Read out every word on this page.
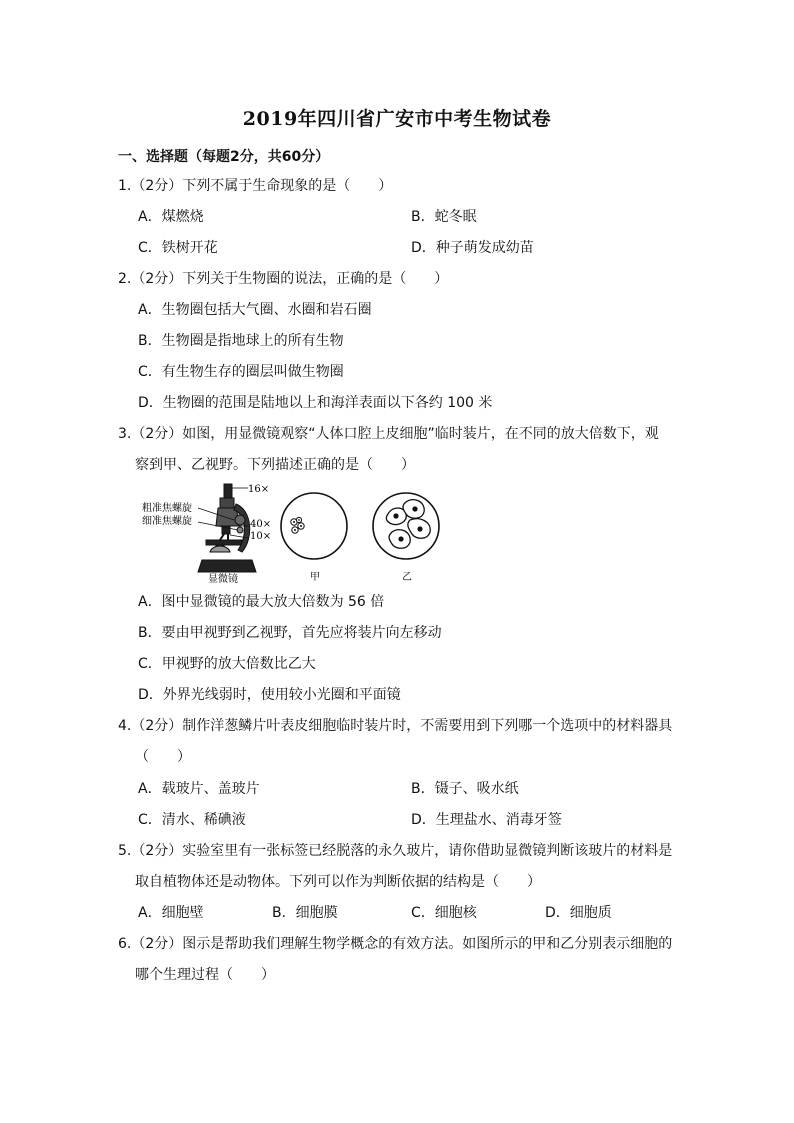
2019年四川省广安市中考生物试卷
一、选择题（每题2分，共60分）
1.（2分）下列不属于生命现象的是（　　）
A．煤燃烧	B．蛇冬眠
C．铁树开花	D．种子萌发成幼苗
2.（2分）下列关于生物圈的说法，正确的是（　　）
A．生物圈包括大气圈、水圈和岩石圈
B．生物圈是指地球上的所有生物
C．有生物生存的圈层叫做生物圈
D．生物圈的范围是陆地以上和海洋表面以下各约 100 米
3.（2分）如图，用显微镜观察“人体口腔上皮细胞”临时装片，在不同的放大倍数下，观
察到甲、乙视野。下列描述正确的是（　　）
16×
粗准焦螺旋
细准焦螺旋	40×
10×
显微镜	甲	乙
A．图中显微镜的最大放大倍数为 56 倍
B．要由甲视野到乙视野，首先应将装片向左移动
C．甲视野的放大倍数比乙大
D．外界光线弱时，使用较小光圈和平面镜
4.（2分）制作洋葱鳞片叶表皮细胞临时装片时，不需要用到下列哪一个选项中的材料器具
（　　）
A．载玻片、盖玻片	B．镊子、吸水纸
C．清水、稀碘液	D．生理盐水、消毒牙签
5.（2分）实验室里有一张标签已经脱落的永久玻片，请你借助显微镜判断该玻片的材料是
取自植物体还是动物体。下列可以作为判断依据的结构是（　　）
A．细胞壁	B．细胞膜	C．细胞核	D．细胞质
6.（2分）图示是帮助我们理解生物学概念的有效方法。如图所示的甲和乙分别表示细胞的
哪个生理过程（　　）
